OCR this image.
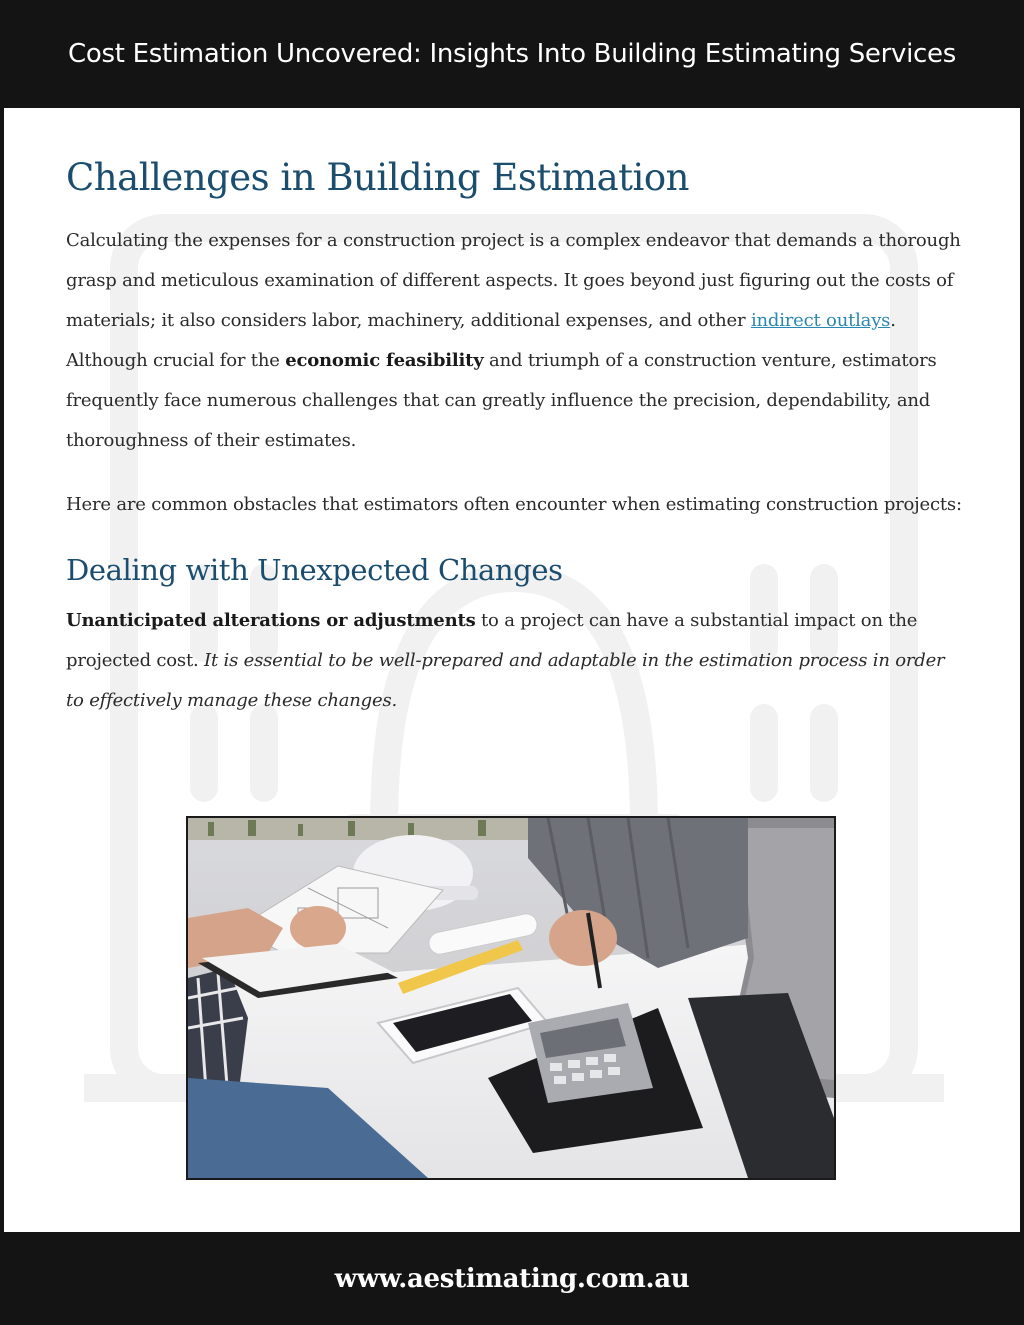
Cost Estimation Uncovered: Insights Into Building Estimating Services
Challenges in Building Estimation

Calculating the expenses for a construction project is a complex endeavor that demands a thorough grasp and meticulous examination of different aspects. It goes beyond just figuring out the costs of materials; it also considers labor, machinery, additional expenses, and other indirect outlays. Although crucial for the economic feasibility and triumph of a construction venture, estimators frequently face numerous challenges that can greatly influence the precision, dependability, and thoroughness of their estimates.

Here are common obstacles that estimators often encounter when estimating construction projects:

Dealing with Unexpected Changes

Unanticipated alterations or adjustments to a project can have a substantial impact on the projected cost. It is essential to be well-prepared and adaptable in the estimation process in order to effectively manage these changes.

www.aestimating.com.au
